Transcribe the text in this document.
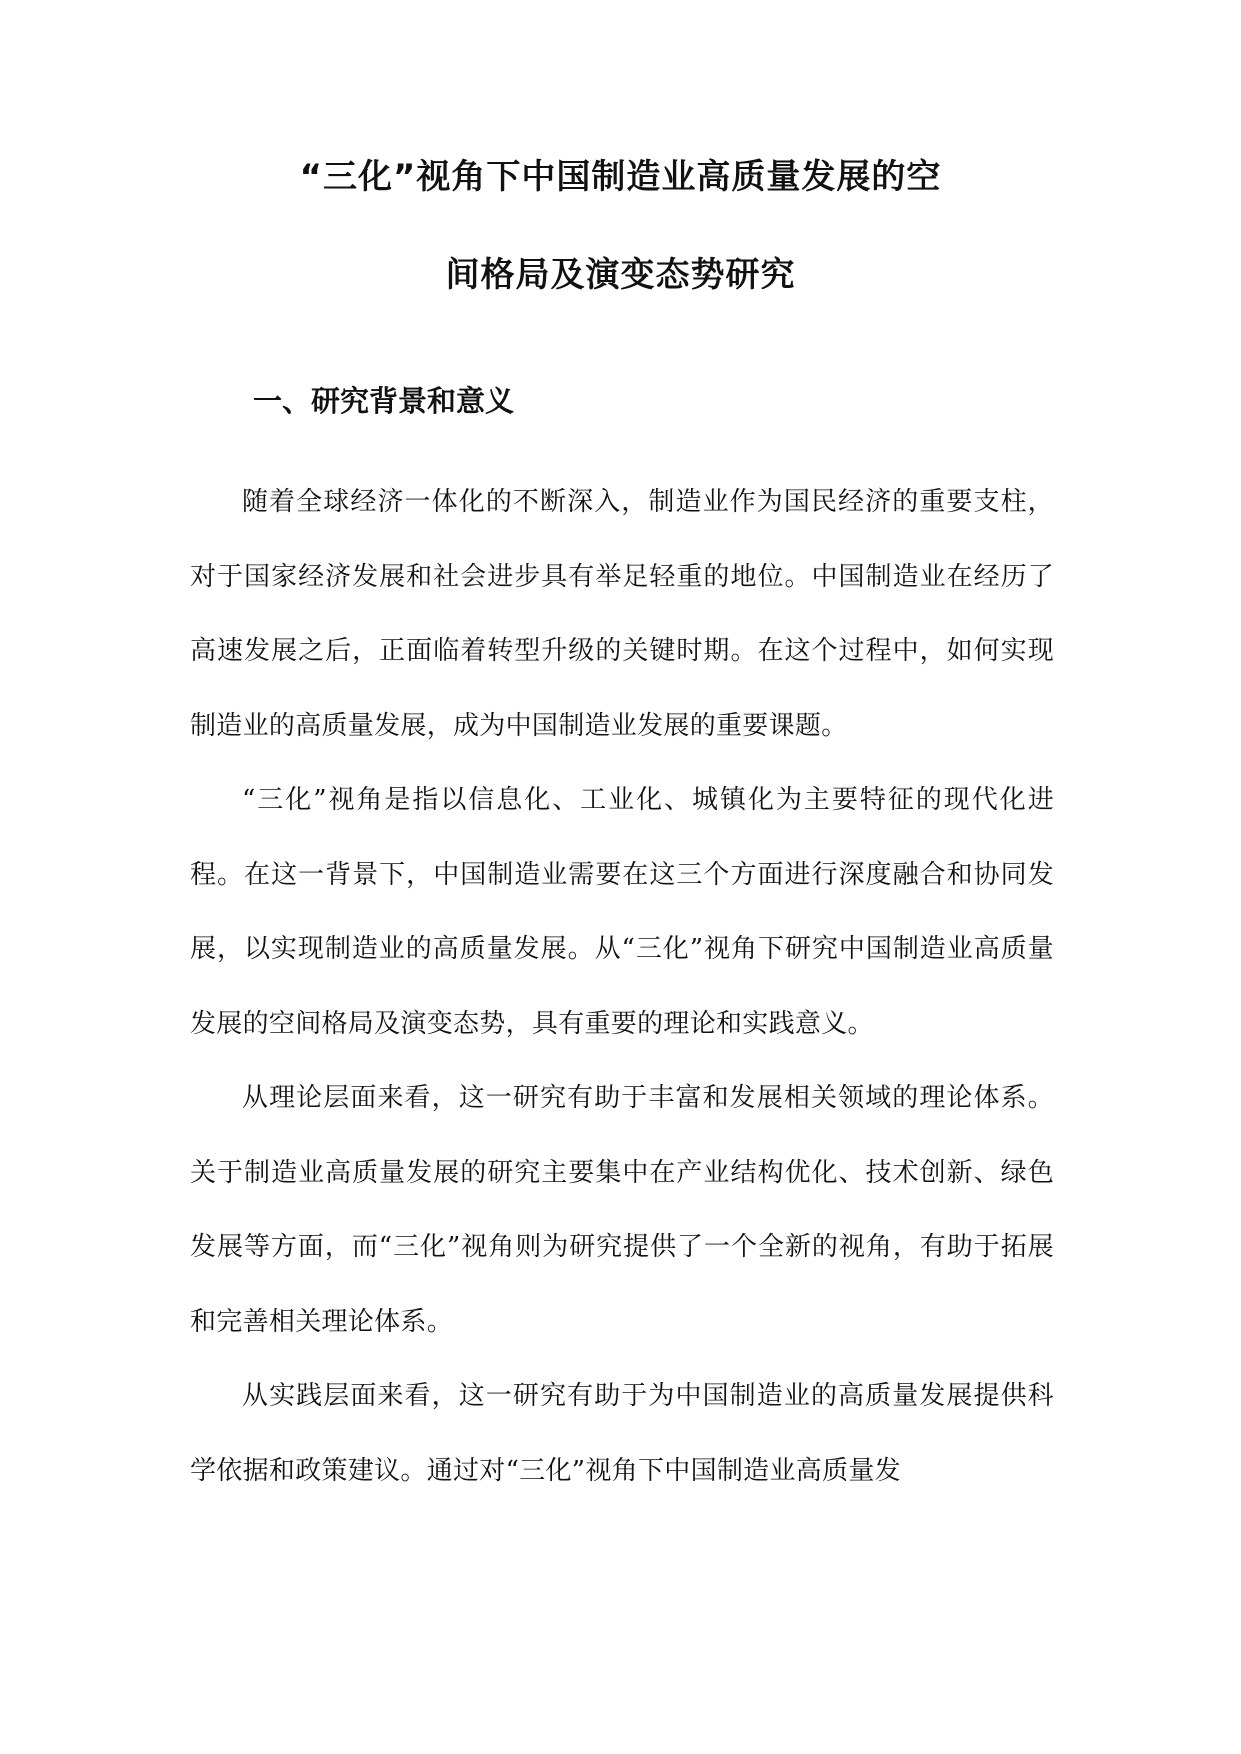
“三化”视角下中国制造业高质量发展的空
间格局及演变态势研究
一、研究背景和意义

随着全球经济一体化的不断深入，制造业作为国民经济的重要支柱，对于国家经济发展和社会进步具有举足轻重的地位。中国制造业在经历了高速发展之后，正面临着转型升级的关键时期。在这个过程中，如何实现制造业的高质量发展，成为中国制造业发展的重要课题。

“三化”视角是指以信息化、工业化、城镇化为主要特征的现代化进程。在这一背景下，中国制造业需要在这三个方面进行深度融合和协同发展，以实现制造业的高质量发展。从“三化”视角下研究中国制造业高质量发展的空间格局及演变态势，具有重要的理论和实践意义。

从理论层面来看，这一研究有助于丰富和发展相关领域的理论体系。关于制造业高质量发展的研究主要集中在产业结构优化、技术创新、绿色发展等方面，而“三化”视角则为研究提供了一个全新的视角，有助于拓展和完善相关理论体系。

从实践层面来看，这一研究有助于为中国制造业的高质量发展提供科学依据和政策建议。通过对“三化”视角下中国制造业高质量发
